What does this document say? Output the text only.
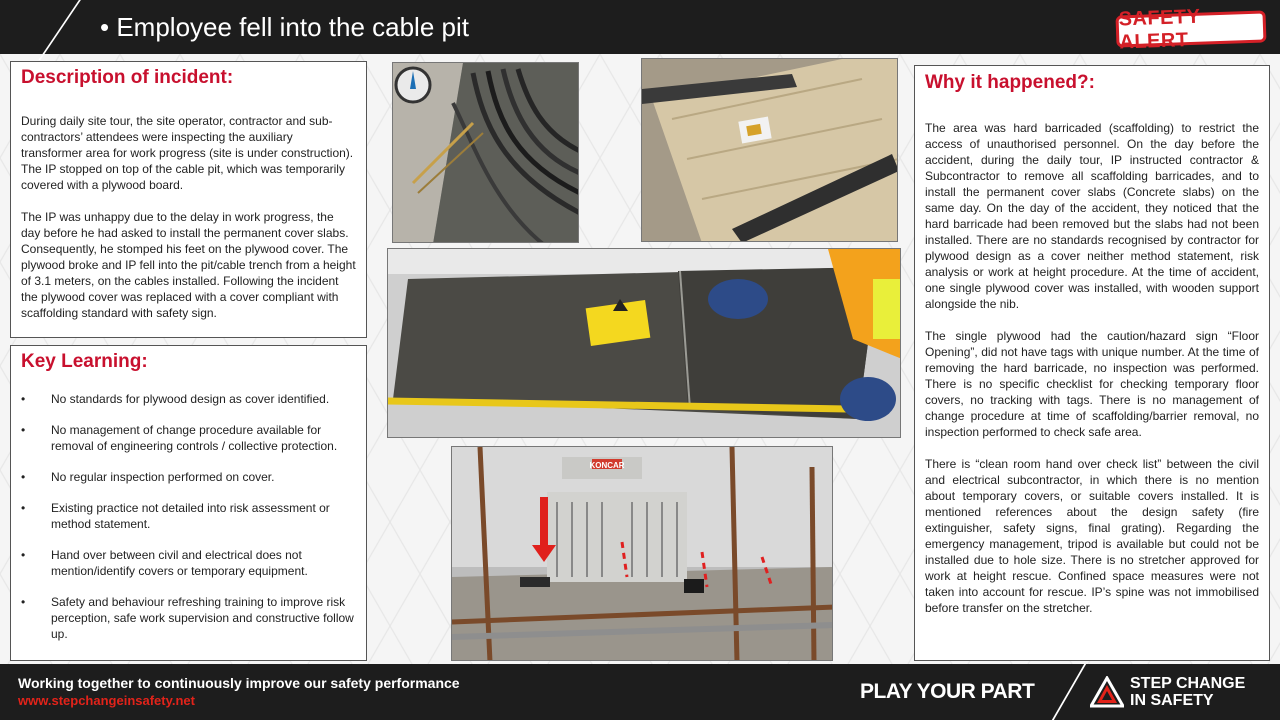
• Employee fell into the cable pit	SAFETY ALERT
Description of incident:

During daily site tour, the site operator, contractor and sub-contractors’ attendees were inspecting the auxiliary transformer area for work progress (site is under construction). The IP stopped on top of the cable pit, which was temporarily covered with a plywood board.

The IP was unhappy due to the delay in work progress, the day before he had asked to install the permanent cover slabs. Consequently, he stomped his feet on the plywood cover. The plywood broke and IP fell into the pit/cable trench from a height of 3.1 meters, on the cables installed. Following the incident the plywood cover was replaced with a cover compliant with scaffolding standard with safety sign.

Key Learning:
• No standards for plywood design as cover identified.
• No management of change procedure available for removal of engineering controls / collective protection.
• No regular inspection performed on cover.
• Existing practice not detailed into risk assessment or method statement.
• Hand over between civil and electrical does not mention/identify covers or temporary equipment.
• Safety and behaviour refreshing training to improve risk perception, safe work supervision and constructive follow up.
Why it happened?:

The area was hard barricaded (scaffolding) to restrict the access of unauthorised personnel. On the day before the accident, during the daily tour, IP instructed contractor & Subcontractor to remove all scaffolding barricades, and to install the permanent cover slabs (Concrete slabs) on the same day. On the day of the accident, they noticed that the hard barricade had been removed but the slabs had not been installed. There are no standards recognised by contractor for plywood design as a cover neither method statement, risk analysis or work at height procedure. At the time of accident, one single plywood cover was installed, with wooden support alongside the nib.

The single plywood had the caution/hazard sign “Floor Opening”, did not have tags with unique number. At the time of removing the hard barricade, no inspection was performed. There is no specific checklist for checking temporary floor covers, no tracking with tags. There is no management of change procedure at time of scaffolding/barrier removal, no inspection performed to check safe area.

There is “clean room hand over check list” between the civil and electrical subcontractor, in which there is no mention about temporary covers, or suitable covers installed. It is mentioned references about the design safety (fire extinguisher, safety signs, final grating). Regarding the emergency management, tripod is available but could not be installed due to hole size. There is no stretcher approved for work at height rescue. Confined space measures were not taken into account for rescue. IP’s spine was not immobilised before transfer on the stretcher.

KONCAR
Working together to continuously improve our safety performance
www.stepchangeinsafety.net	PLAY YOUR PART	STEP CHANGE
IN SAFETY
